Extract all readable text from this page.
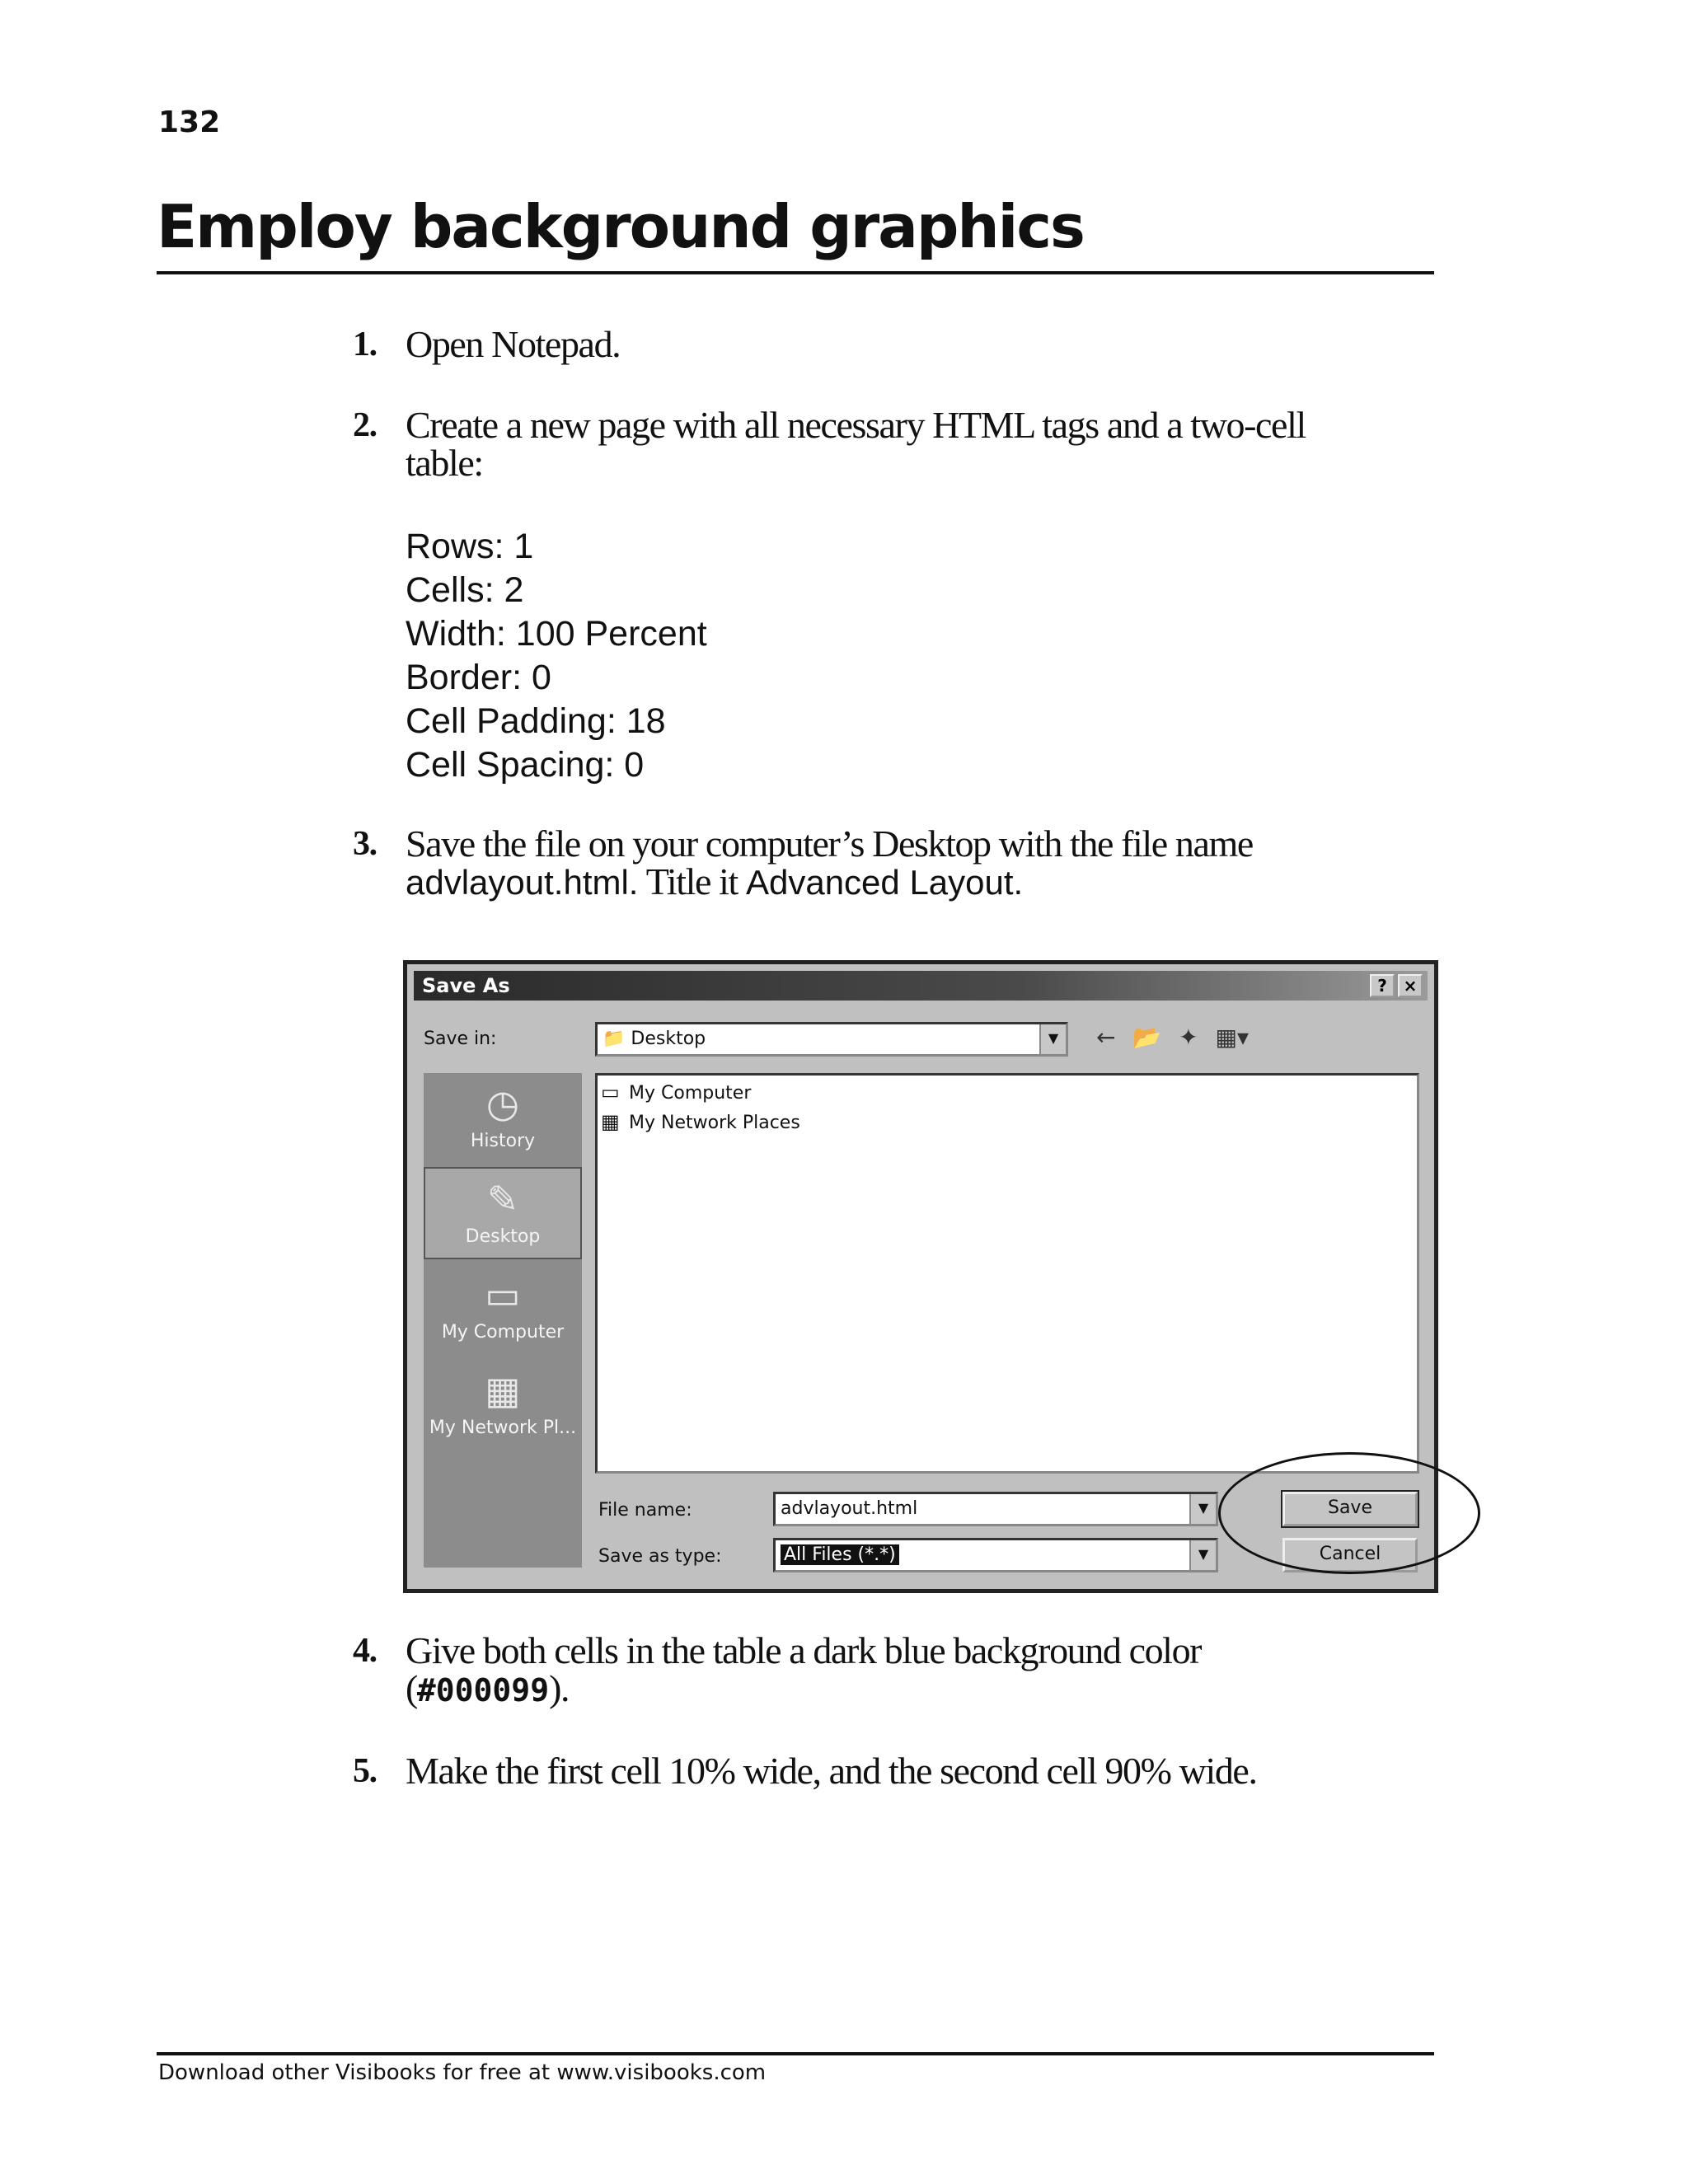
132
Employ background graphics
1. Open Notepad.
2. Create a new page with all necessary HTML tags and a two-cell
table:
Rows: 1
Cells: 2
Width: 100 Percent
Border: 0
Cell Padding: 18
Cell Spacing: 0
3. Save the file on your computer’s Desktop with the file name
advlayout.html. Title it Advanced Layout.
Save As	? ×
Save in:	📁 Desktop	▼	← 📂 ✦ ▦▾
◷
History
✎
Desktop
▭
My Computer
▦
My Network Pl...
▭ My Computer
▦ My Network Places
File name:	advlayout.html	▼
Save as type:	All Files (*.*)	▼
Save
Cancel
4. Give both cells in the table a dark blue background color
(#000099).
5. Make the first cell 10% wide, and the second cell 90% wide.
Download other Visibooks for free at www.visibooks.com
